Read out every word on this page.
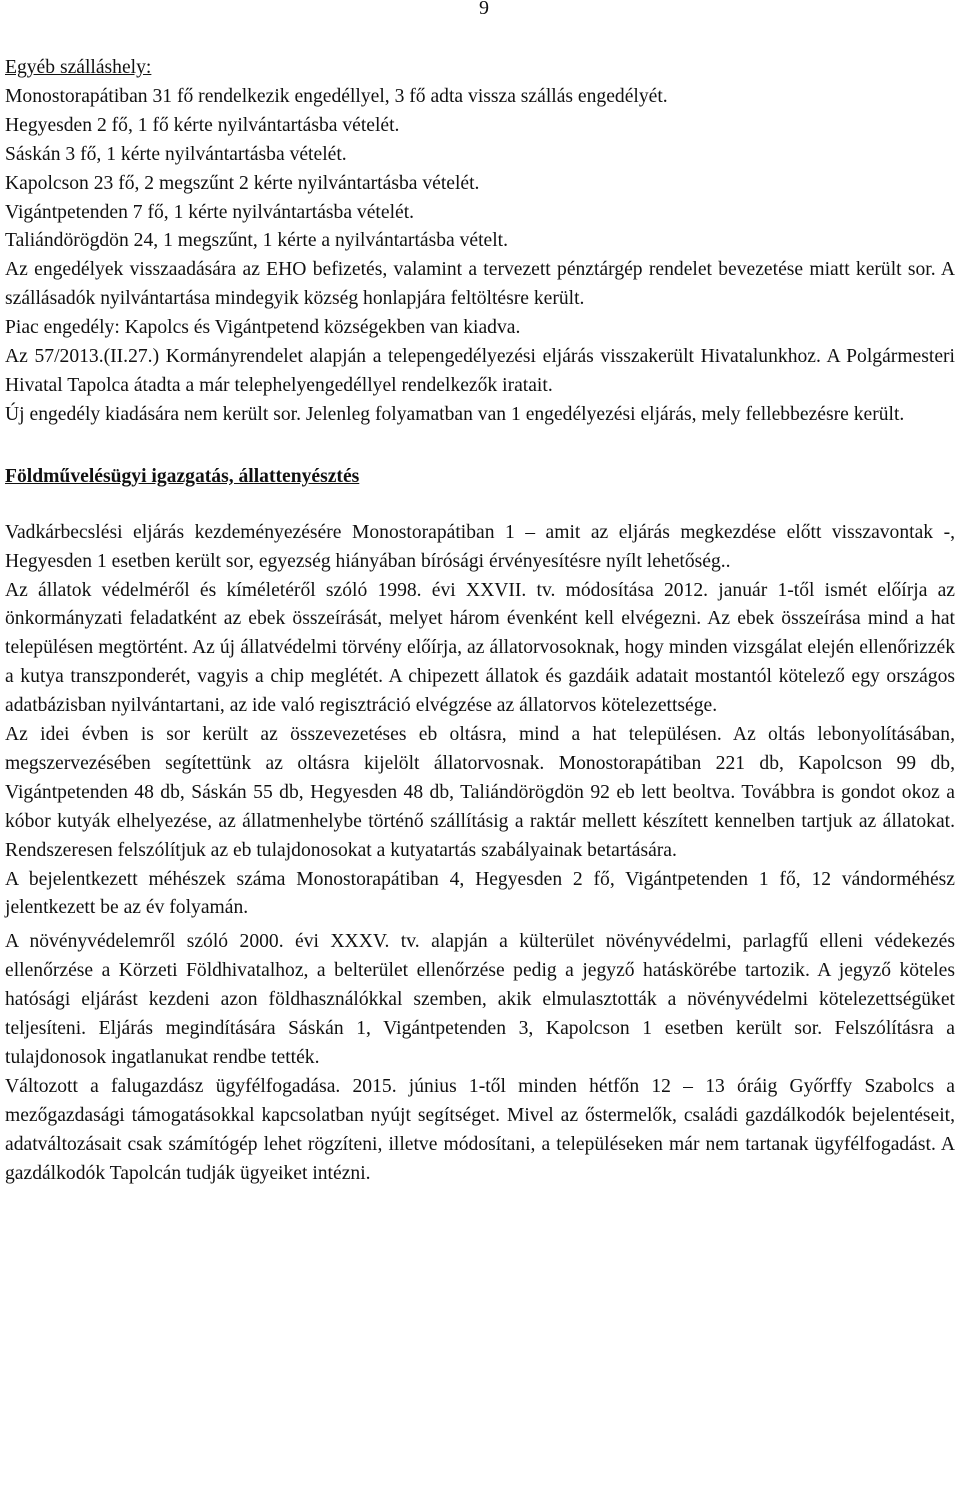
9

Egyéb szálláshely:

Monostorapátiban 31 fő rendelkezik engedéllyel, 3 fő adta vissza szállás engedélyét.

Hegyesden 2 fő, 1 fő kérte nyilvántartásba vételét.

Sáskán 3 fő, 1 kérte nyilvántartásba vételét.

Kapolcson 23 fő, 2 megszűnt 2 kérte nyilvántartásba vételét.

Vigántpetenden 7 fő, 1 kérte nyilvántartásba vételét.

Taliándörögdön 24, 1 megszűnt, 1 kérte a nyilvántartásba vételt.

Az engedélyek visszaadására az EHO befizetés, valamint a tervezett pénztárgép rendelet bevezetése miatt került sor. A szállásadók nyilvántartása mindegyik község honlapjára feltöltésre került.

Piac engedély: Kapolcs és Vigántpetend községekben van kiadva.

Az 57/2013.(II.27.) Kormányrendelet alapján a telepengedélyezési eljárás visszakerült Hivatalunkhoz. A Polgármesteri Hivatal Tapolca átadta a már telephelyengedéllyel rendelkezők iratait.

Új engedély kiadására nem került sor. Jelenleg folyamatban van 1 engedélyezési eljárás, mely fellebbezésre került.

Földművelésügyi igazgatás, állattenyésztés

Vadkárbecslési eljárás kezdeményezésére Monostorapátiban 1 – amit az eljárás megkezdése előtt visszavontak -, Hegyesden 1 esetben került sor, egyezség hiányában bírósági érvényesítésre nyílt lehetőség..

Az állatok védelméről és kíméletéről szóló 1998. évi XXVII. tv. módosítása 2012. január 1-től ismét előírja az önkormányzati feladatként az ebek összeírását, melyet három évenként kell elvégezni. Az ebek összeírása mind a hat településen megtörtént. Az új állatvédelmi törvény előírja, az állatorvosoknak, hogy minden vizsgálat elején ellenőrizzék a kutya transzponderét, vagyis a chip meglétét. A chipezett állatok és gazdáik adatait mostantól kötelező egy országos adatbázisban nyilvántartani, az ide való regisztráció elvégzése az állatorvos kötelezettsége.

Az idei évben is sor került az összevezetéses eb oltásra, mind a hat településen. Az oltás lebonyolításában, megszervezésében segítettünk az oltásra kijelölt állatorvosnak. Monostorapátiban 221 db, Kapolcson 99 db, Vigántpetenden 48 db, Sáskán 55 db, Hegyesden 48 db, Taliándörögdön 92 eb lett beoltva. Továbbra is gondot okoz a kóbor kutyák elhelyezése, az állatmenhelybe történő szállításig a raktár mellett készített kennelben tartjuk az állatokat. Rendszeresen felszólítjuk az eb tulajdonosokat a kutyatartás szabályainak betartására.

A bejelentkezett méhészek száma Monostorapátiban 4, Hegyesden 2 fő, Vigántpetenden 1 fő, 12 vándorméhész jelentkezett be az év folyamán.

A növényvédelemről szóló 2000. évi XXXV. tv. alapján a külterület növényvédelmi, parlagfű elleni védekezés ellenőrzése a Körzeti Földhivatalhoz, a belterület ellenőrzése pedig a jegyző hatáskörébe tartozik. A jegyző köteles hatósági eljárást kezdeni azon földhasználókkal szemben, akik elmulasztották a növényvédelmi kötelezettségüket teljesíteni. Eljárás megindítására Sáskán 1, Vigántpetenden 3, Kapolcson 1 esetben került sor. Felszólításra a tulajdonosok ingatlanukat rendbe tették.

Változott a falugazdász ügyfélfogadása. 2015. június 1-től minden hétfőn 12 – 13 óráig Győrffy Szabolcs a mezőgazdasági támogatásokkal kapcsolatban nyújt segítséget. Mivel az őstermelők, családi gazdálkodók bejelentéseit, adatváltozásait csak számítógép lehet rögzíteni, illetve módosítani, a településeken már nem tartanak ügyfélfogadást. A gazdálkodók Tapolcán tudják ügyeiket intézni.
